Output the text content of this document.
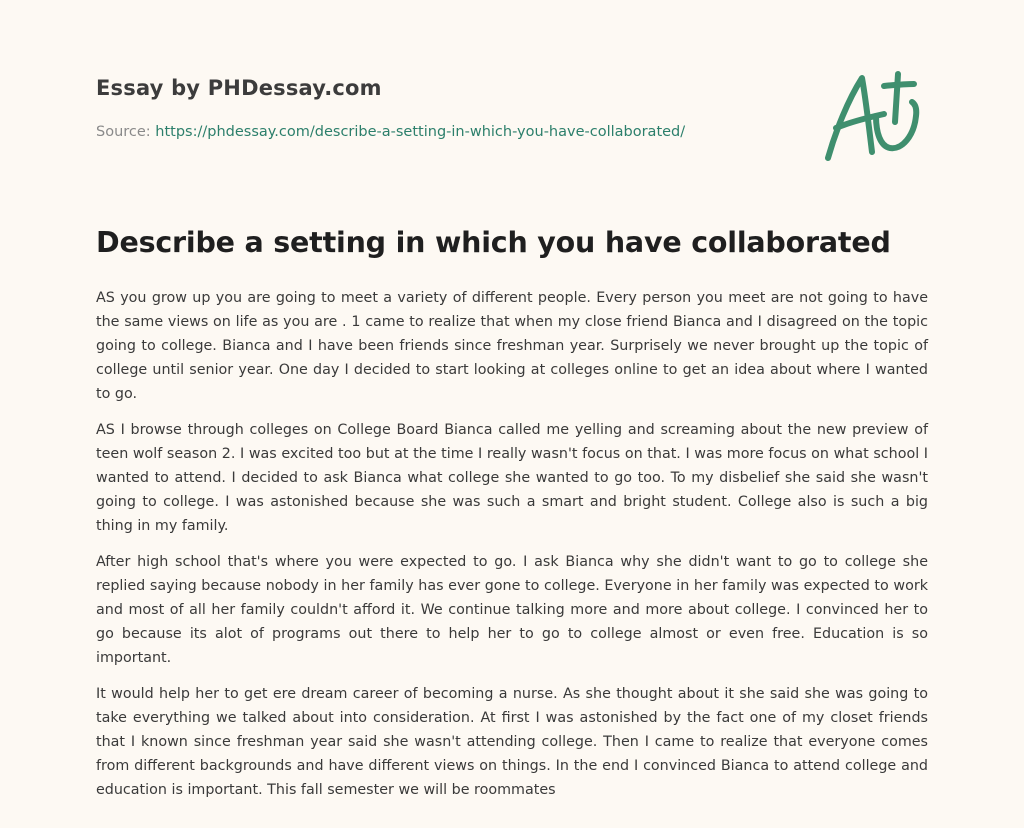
Essay by PHDessay.com
Source: https://phdessay.com/describe-a-setting-in-which-you-have-collaborated/
Describe a setting in which you have collaborated

AS you grow up you are going to meet a variety of different people. Every person you meet are not going to have the same views on life as you are . 1 came to realize that when my close friend Bianca and I disagreed on the topic going to college. Bianca and I have been friends since freshman year. Surprisely we never brought up the topic of college until senior year. One day I decided to start looking at colleges online to get an idea about where I wanted to go.

AS I browse through colleges on College Board Bianca called me yelling and screaming about the new preview of teen wolf season 2. I was excited too but at the time I really wasn't focus on that. I was more focus on what school I wanted to attend. I decided to ask Bianca what college she wanted to go too. To my disbelief she said she wasn't going to college. I was astonished because she was such a smart and bright student. College also is such a big thing in my family.

After high school that's where you were expected to go. I ask Bianca why she didn't want to go to college she replied saying because nobody in her family has ever gone to college. Everyone in her family was expected to work and most of all her family couldn't afford it. We continue talking more and more about college. I convinced her to go because its alot of programs out there to help her to go to college almost or even free. Education is so important.

It would help her to get ere dream career of becoming a nurse. As she thought about it she said she was going to take everything we talked about into consideration. At first I was astonished by the fact one of my closet friends that I known since freshman year said she wasn't attending college. Then I came to realize that everyone comes from different backgrounds and have different views on things. In the end I convinced Bianca to attend college and education is important. This fall semester we will be roommates
